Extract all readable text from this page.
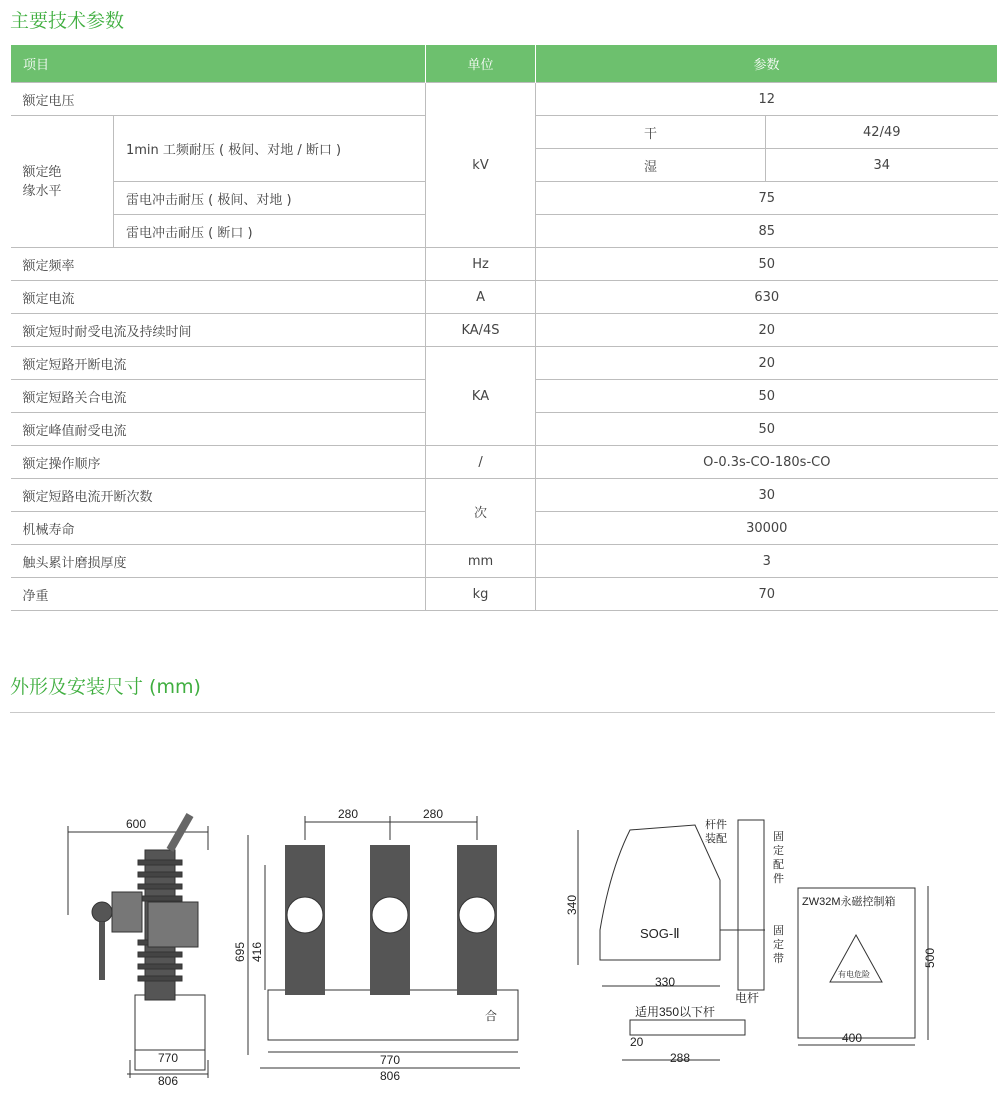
主要技术参数
项目		单位	参数	
额定电压		kV	12	
额定绝
缘水平	1min 工频耐压 ( 极间、对地 / 断口 )		干	42/49
			湿	34
	雷电冲击耐压 ( 极间、对地 )		75	
	雷电冲击耐压 ( 断口 )		85	
额定频率		Hz	50	
额定电流		A	630	
额定短时耐受电流及持续时间		KA/4S	20	
额定短路开断电流		KA	20	
额定短路关合电流			50	
额定峰值耐受电流			50	
额定操作顺序		/	O-0.3s-CO-180s-CO	
额定短路电流开断次数		次	30	
机械寿命			30000	
触头累计磨损厚度		mm	3	
净重		kg	70	
外形及安装尺寸 (mm)
600
770
806
280	280
695 416
合
770
806
340
SOG-Ⅱ
330
电杆
杆件
装配	固
定
配
件
固
定
带
适用350以下杆
20
288
ZW32M永磁控制箱
有电危险
500
400
